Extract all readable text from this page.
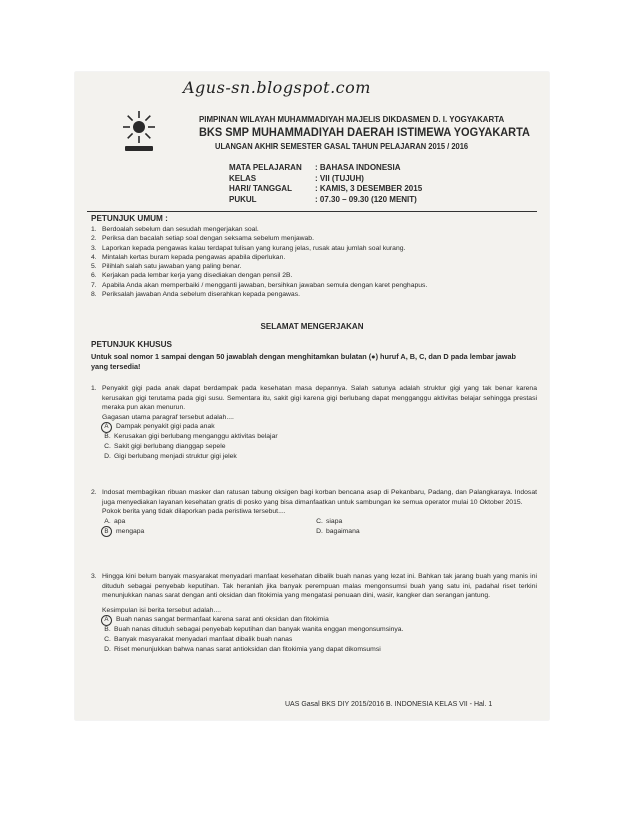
Agus-sn.blogspot.com
PIMPINAN WILAYAH MUHAMMADIYAH MAJELIS DIKDASMEN D. I. YOGYAKARTA
BKS SMP MUHAMMADIYAH DAERAH ISTIMEWA YOGYAKARTA
ULANGAN AKHIR SEMESTER GASAL TAHUN PELAJARAN 2015 / 2016
MATA PELAJARAN	: BAHASA INDONESIA
KELAS	: VII (TUJUH)
HARI/ TANGGAL	: KAMIS, 3 DESEMBER 2015
PUKUL	: 07.30 – 09.30 (120 MENIT)
PETUNJUK UMUM :
1. Berdoalah sebelum dan sesudah mengerjakan soal.
2. Periksa dan bacalah setiap soal dengan seksama sebelum menjawab.
3. Laporkan kepada pengawas kalau terdapat tulisan yang kurang jelas, rusak atau jumlah soal kurang.
4. Mintalah kertas buram kepada pengawas apabila diperlukan.
5. Pilihlah salah satu jawaban yang paling benar.
6. Kerjakan pada lembar kerja yang disediakan dengan pensil 2B.
7. Apabila Anda akan memperbaiki / mengganti jawaban, bersihkan jawaban semula dengan karet penghapus.
8. Periksalah jawaban Anda sebelum diserahkan kepada pengawas.
SELAMAT MENGERJAKAN
PETUNJUK KHUSUS
Untuk soal nomor 1 sampai dengan 50 jawablah dengan menghitamkan bulatan (●) huruf A, B, C, dan D pada lembar jawab yang tersedia!
1. Penyakit gigi pada anak dapat berdampak pada kesehatan masa depannya. Salah satunya adalah struktur gigi yang tak benar karena kerusakan gigi terutama pada gigi susu. Sementara itu, sakit gigi karena gigi berlubang dapat mengganggu aktivitas belajar sehingga prestasi meraka pun akan menurun.
Gagasan utama paragraf tersebut adalah....
A	Dampak penyakit gigi pada anak
B. Kerusakan gigi berlubang menganggu aktivitas belajar
C. Sakit gigi berlubang dianggap sepele
D. Gigi berlubang menjadi struktur gigi jelek
2. Indosat membagikan ribuan masker dan ratusan tabung oksigen bagi korban bencana asap di Pekanbaru, Padang, dan Palangkaraya. Indosat juga menyediakan layanan kesehatan gratis di posko yang bisa dimanfaatkan untuk sambungan ke semua operator mulai 10 Oktober 2015.
Pokok berita yang tidak dilaporkan pada peristiwa tersebut....
A. apa
B	mengapa
C. siapa
D. bagaimana
3. Hingga kini belum banyak masyarakat menyadari manfaat kesehatan dibalik buah nanas yang lezat ini. Bahkan tak jarang buah yang manis ini dituduh sebagai penyebab keputihan. Tak heranlah jika banyak perempuan malas mengonsumsi buah yang satu ini, padahal riset terkini menunjukkan nanas sarat dengan anti oksidan dan fitokimia yang mengatasi penuaan dini, wasir, kangker dan serangan jantung.
Kesimpulan isi berita tersebut adalah....
A	Buah nanas sangat bermanfaat karena sarat anti oksidan dan fitokimia
B. Buah nanas dituduh sebagai penyebab keputihan dan banyak wanita enggan mengonsumsinya.
C. Banyak masyarakat menyadari manfaat dibalik buah nanas
D. Riset menunjukkan bahwa nanas sarat antioksidan dan fitokimia yang dapat dikomsumsi
UAS Gasal BKS DIY 2015/2016 B. INDONESIA KELAS VII - Hal. 1
